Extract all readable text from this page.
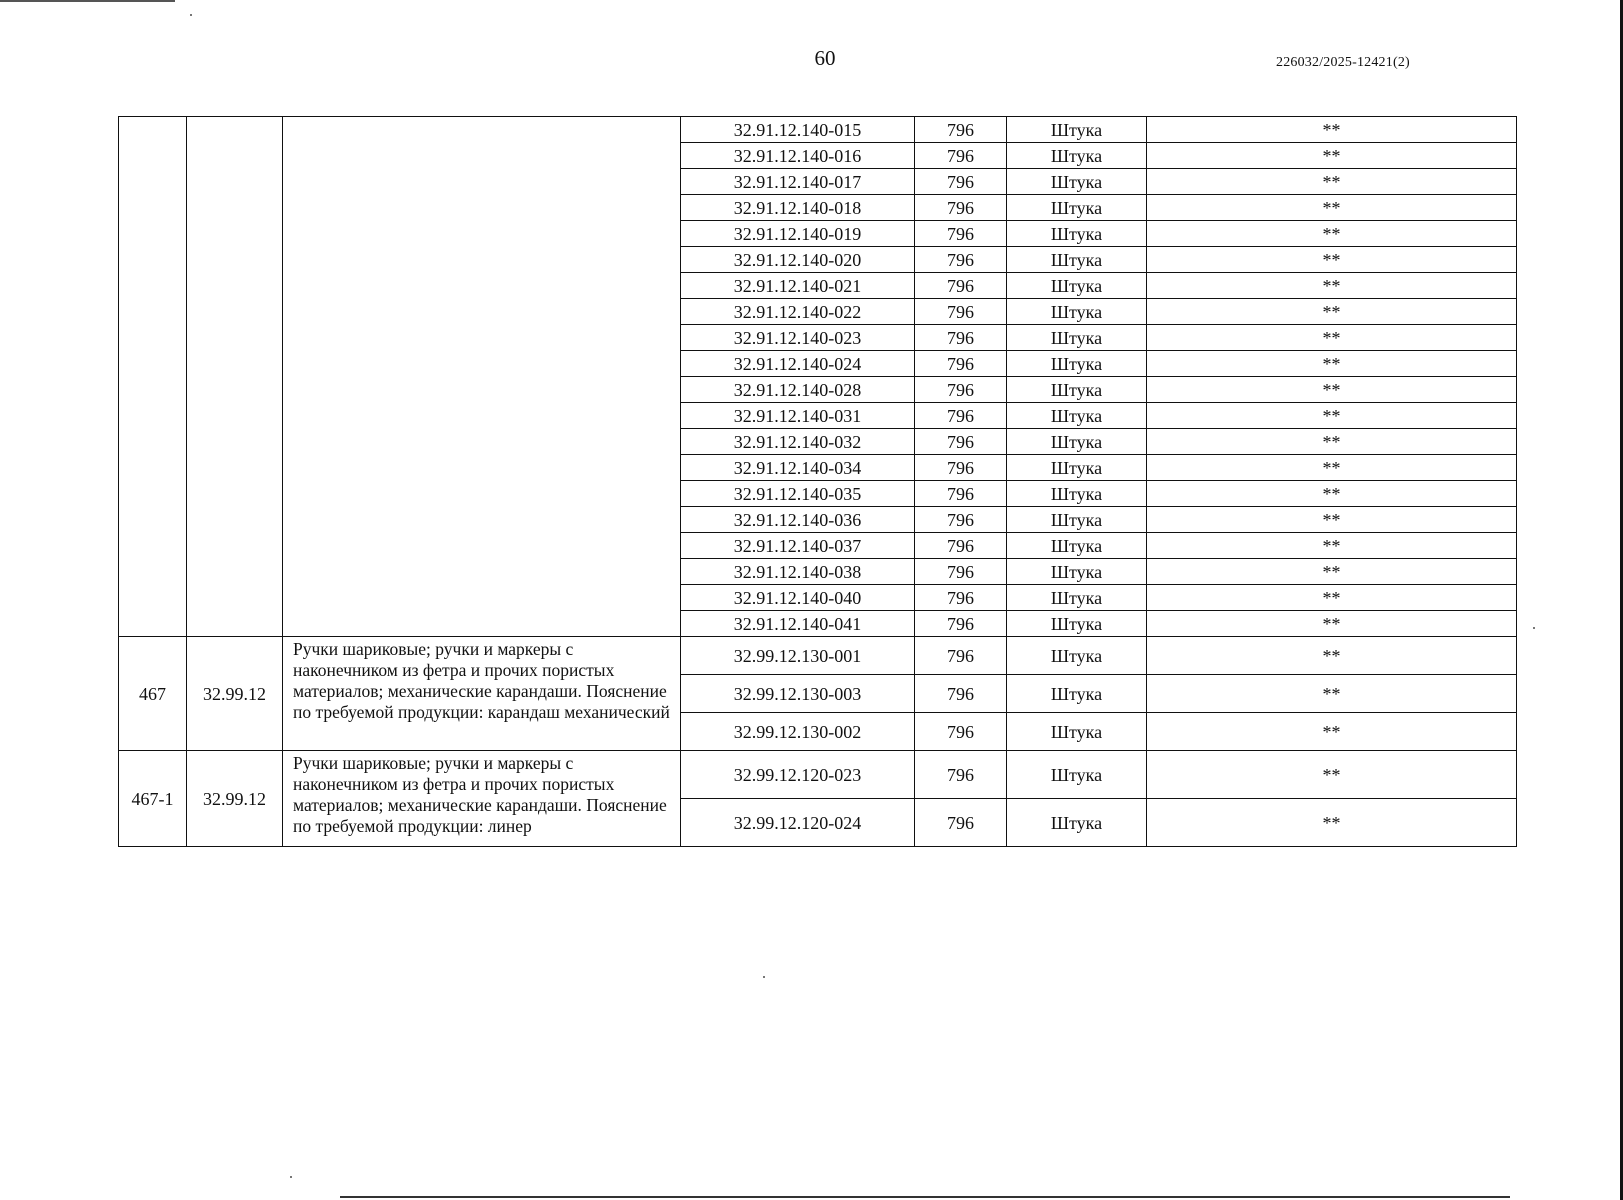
60	226032/2025-12421(2)
			32.91.12.140-015	796	Штука	**
			32.91.12.140-016	796	Штука	**
			32.91.12.140-017	796	Штука	**
			32.91.12.140-018	796	Штука	**
			32.91.12.140-019	796	Штука	**
			32.91.12.140-020	796	Штука	**
			32.91.12.140-021	796	Штука	**
			32.91.12.140-022	796	Штука	**
			32.91.12.140-023	796	Штука	**
			32.91.12.140-024	796	Штука	**
			32.91.12.140-028	796	Штука	**
			32.91.12.140-031	796	Штука	**
			32.91.12.140-032	796	Штука	**
			32.91.12.140-034	796	Штука	**
			32.91.12.140-035	796	Штука	**
			32.91.12.140-036	796	Штука	**
			32.91.12.140-037	796	Штука	**
			32.91.12.140-038	796	Штука	**
			32.91.12.140-040	796	Штука	**
			32.91.12.140-041	796	Штука	**
467	32.99.12	Ручки шариковые; ручки и маркеры с наконечником из фетра и прочих пористых материалов; механические карандаши. Пояснение по требуемой продукции: карандаш механический	32.99.12.130-001	796	Штука	**
			32.99.12.130-003	796	Штука	**
			32.99.12.130-002	796	Штука	**
467-1	32.99.12	Ручки шариковые; ручки и маркеры с наконечником из фетра и прочих пористых материалов; механические карандаши. Пояснение по требуемой продукции: линер	32.99.12.120-023	796	Штука	**
			32.99.12.120-024	796	Штука	**
